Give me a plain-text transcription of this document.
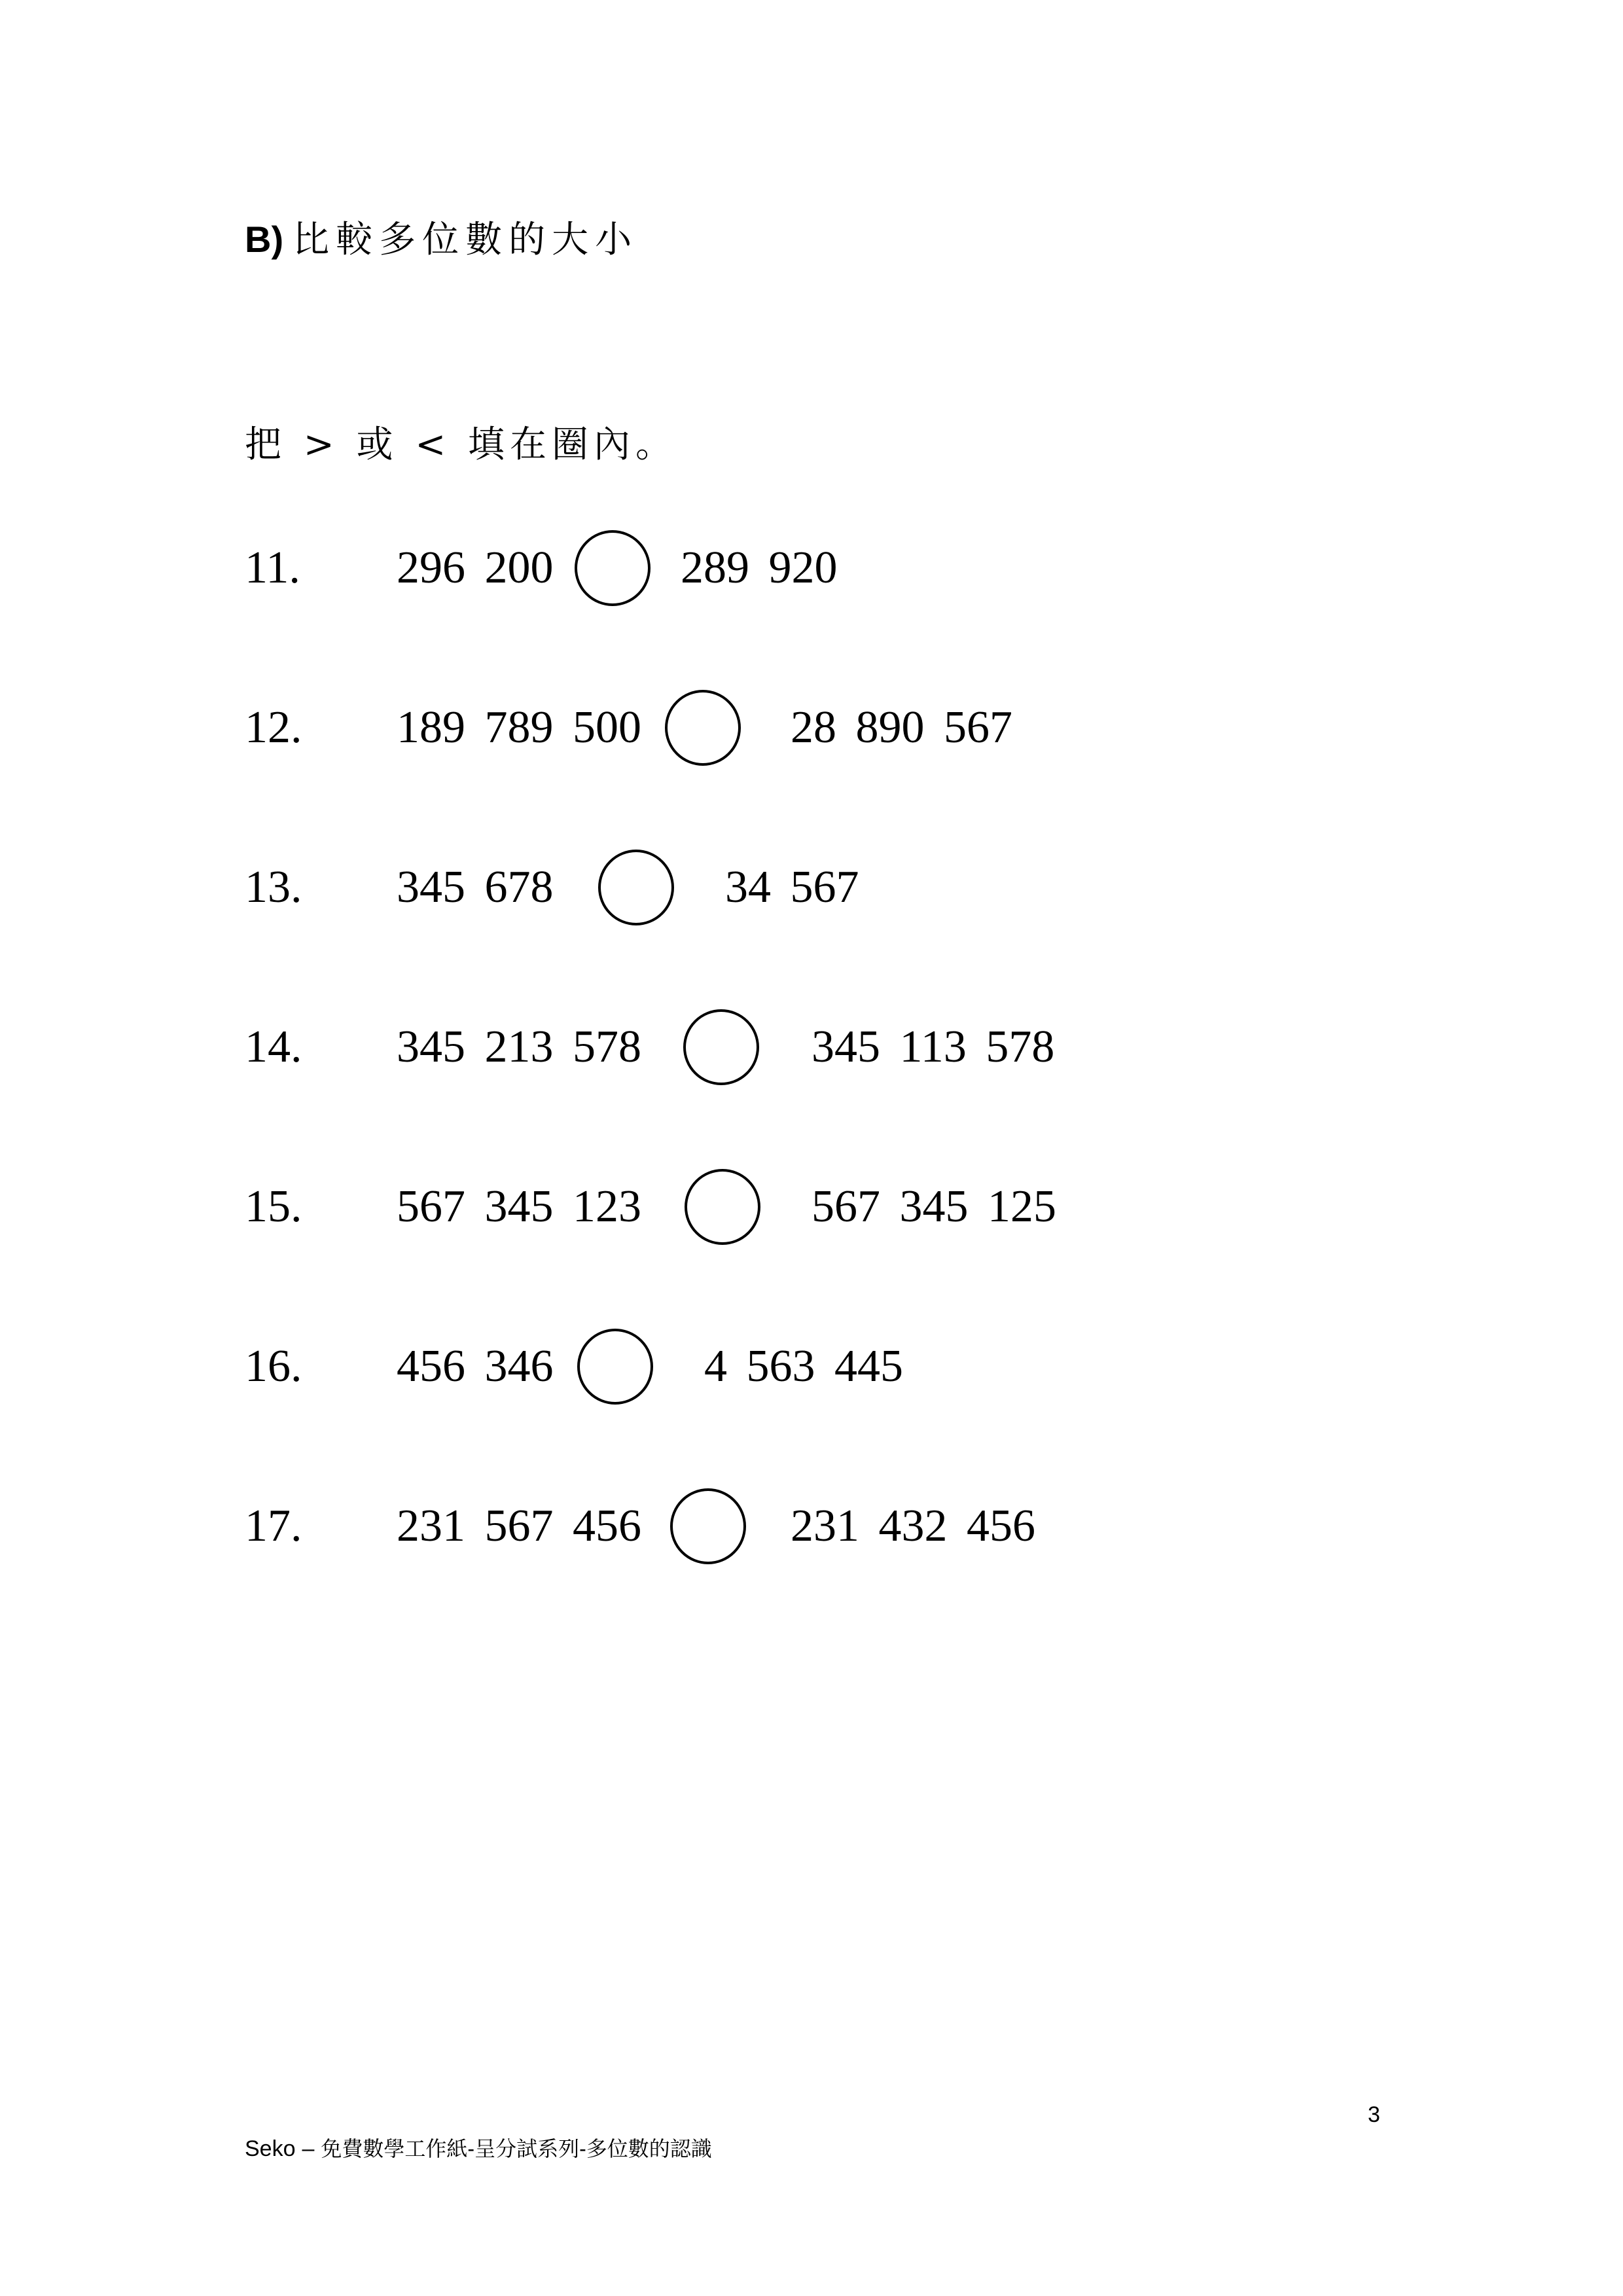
B) 比較多位數的大小
把 > 或 < 填在圈內。
11. 296 200	289 920
12. 189 789 500	28 890 567
13. 345 678	34 567
14. 345 213 578	345 113 578
15. 567 345 123	567 345 125
16. 456 346	4 563 445
17. 231 567 456	231 432 456
3
Seko – 免費數學工作紙-呈分試系列-多位數的認識
